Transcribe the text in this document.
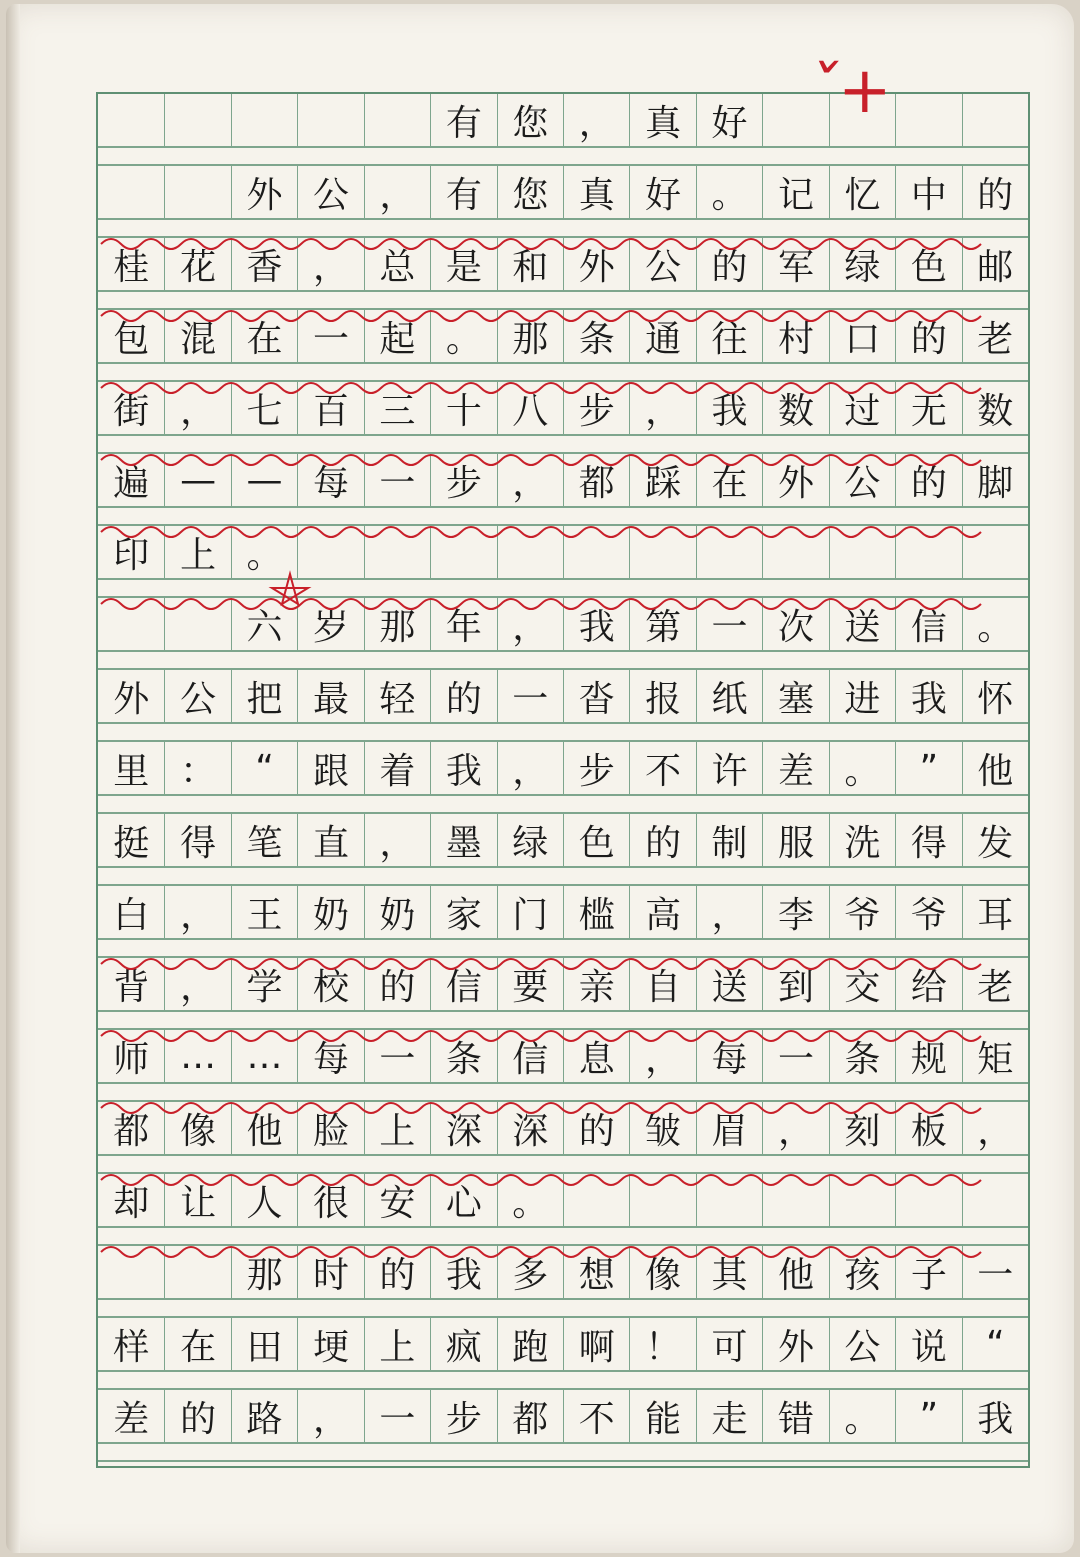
有 您 ， 真 好
外 公 ， 有 您 真 好 。 记 忆 中 的
桂 花 香 ， 总 是 和 外 公 的 军 绿 色 邮
包 混 在 一 起 。 那 条 通 往 村 口 的 老
街 ， 七 百 三 十 八 步 ， 我 数 过 无 数
遍 — — 每 一 步 ， 都 踩 在 外 公 的 脚
印 上 。
六 岁 那 年 ， 我 第 一 次 送 信 。
外 公 把 最 轻 的 一 沓 报 纸 塞 进 我 怀
里 ：	“	跟 着 我 ， 步 不 许 差 。	”	他
挺 得 笔 直 ， 墨 绿 色 的 制 服 洗 得 发
白 ， 王 奶 奶 家 门 槛 高 ， 李 爷 爷 耳
背 ， 学 校 的 信 要 亲 自 送 到 交 给 老
师 … … 每 一 条 信 息 ， 每 一 条 规 矩
都 像 他 脸 上 深 深 的 皱 眉 ， 刻 板 ，
却 让 人 很 安 心 。
那 时 的 我 多 想 像 其 他 孩 子 一
样 在 田 埂 上 疯 跑 啊 ！ 可 外 公 说	“
差 的 路 ， 一 步 都 不 能 走 错 。	”	我
ˇ+
